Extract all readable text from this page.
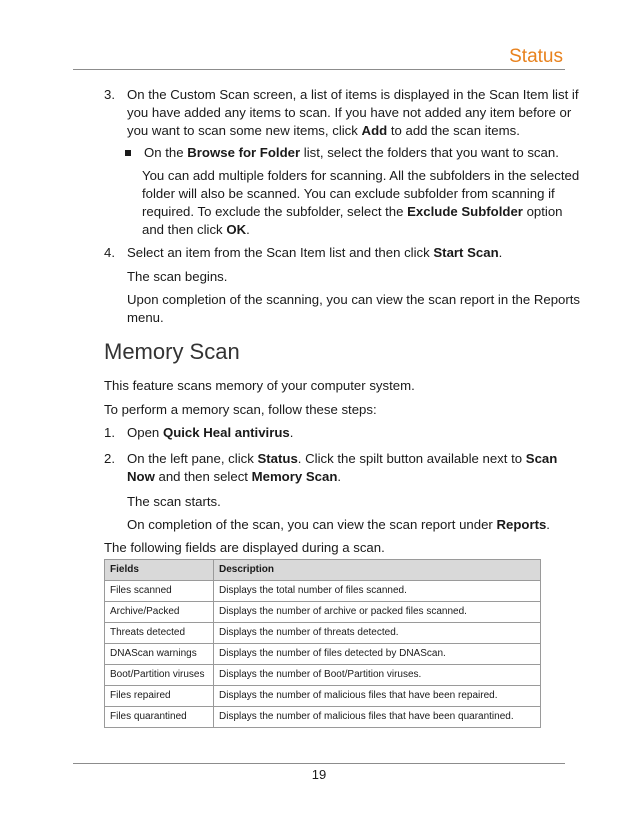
Status
3. On the Custom Scan screen, a list of items is displayed in the Scan Item list if
you have added any items to scan. If you have not added any item before or
you want to scan some new items, click Add to add the scan items.
On the Browse for Folder list, select the folders that you want to scan.
You can add multiple folders for scanning. All the subfolders in the selected
folder will also be scanned. You can exclude subfolder from scanning if
required. To exclude the subfolder, select the Exclude Subfolder option
and then click OK.
4. Select an item from the Scan Item list and then click Start Scan.
The scan begins.
Upon completion of the scanning, you can view the scan report in the Reports
menu.
Memory Scan
This feature scans memory of your computer system.
To perform a memory scan, follow these steps:
1. Open Quick Heal antivirus.
2. On the left pane, click Status. Click the spilt button available next to Scan
Now and then select Memory Scan.
The scan starts.
On completion of the scan, you can view the scan report under Reports.
The following fields are displayed during a scan.
Fields	Description
Files scanned	Displays the total number of files scanned.
Archive/Packed	Displays the number of archive or packed files scanned.
Threats detected	Displays the number of threats detected.
DNAScan warnings	Displays the number of files detected by DNAScan.
Boot/Partition viruses	Displays the number of Boot/Partition viruses.
Files repaired	Displays the number of malicious files that have been repaired.
Files quarantined	Displays the number of malicious files that have been quarantined.
19
